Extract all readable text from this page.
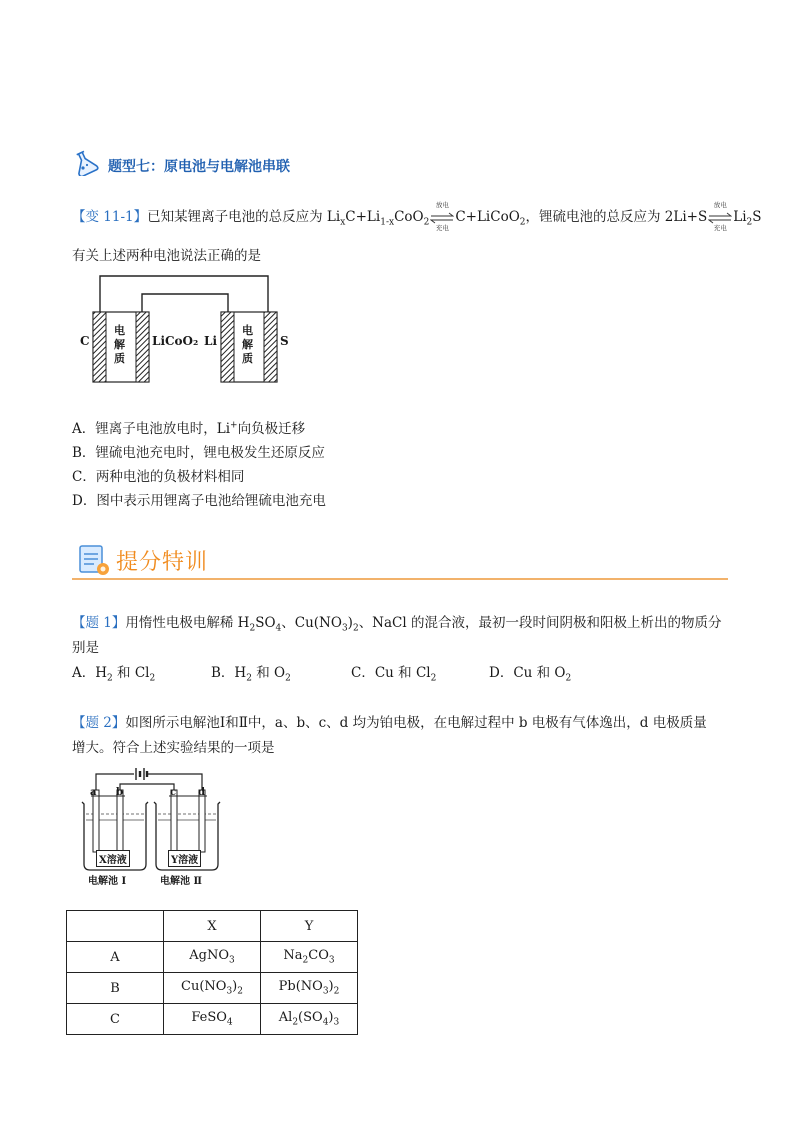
题型七：原电池与电解池串联
【变 11-1】已知某锂离子电池的总反应为 $Li_xC+Li_{1-x}CoO_2$
放电
充电
C+LiCoO$_2$，锂硫电池的总反应为 2Li+S
放电
充电
$Li_2S$
有关上述两种电池说法正确的是
C
电解质
LiCoO₂ Li
电解质
S
A．锂离子电池放电时，Li+向负极迁移
B．锂硫电池充电时，锂电极发生还原反应
C．两种电池的负极材料相同
D．图中表示用锂离子电池给锂硫电池充电
提分特训
【题 1】用惰性电极电解稀 $H_2SO_4$、$Cu(NO_3)_2$、NaCl 的混合液，最初一段时间阴极和阳极上析出的物质分
别是
A．$H_2$ 和 $Cl_2$	B．$H_2$ 和 $O_2$	C．Cu 和 $Cl_2$	D．Cu 和 $O_2$
【题 2】如图所示电解池Ⅰ和Ⅱ中，a、b、c、d 均为铂电极，在电解过程中 b 电极有气体逸出，d 电极质量
增大。符合上述实验结果的一项是
a b	c d
X溶液	Y溶液
电解池 Ⅰ	电解池 Ⅱ
	X	Y
A	AgNO$_3$	$Na_2CO_3$
B	$Cu(NO_3)_2$	$Pb(NO_3)_2$
C	FeSO$_4$	$Al_2(SO_4)_3$
